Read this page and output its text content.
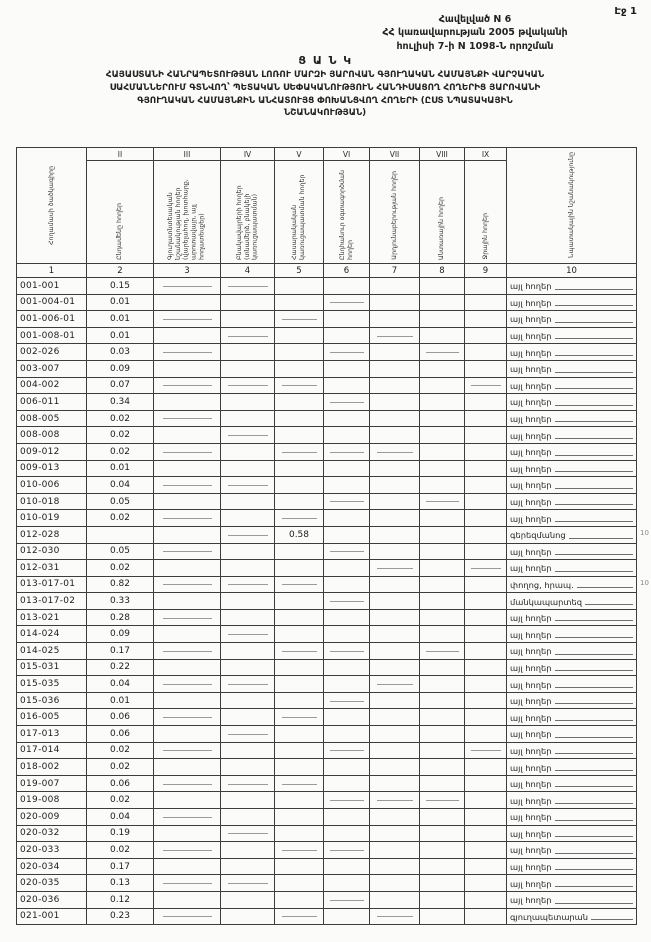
Էջ 1
Հավելված N 6
ՀՀ կառավարության 2005 թվականի
հուլիսի 7-ի N 1098-Ն որոշման
Ց Ա Ն Կ
ՀԱՅԱՍՏԱՆԻ ՀԱՆՐԱՊԵՏՈՒԹՅԱՆ ԼՈՌՈՒ ՄԱՐԶԻ ՅԱՐՈՎԱՆ ԳՅՈՒՂԱԿԱՆ ՀԱՄԱՅՆՔԻ ՎԱՐՉԱԿԱՆ
ՍԱՀՄԱՆՆԵՐՈՒՄ ԳՏՆՎՈՂ՝ ՊԵՏԱԿԱՆ ՍԵՓԱԿԱՆՈՒԹՅՈՒՆ ՀԱՆԴԻՍԱՑՈՂ ՀՈՂԵՐԻՑ ՅԱՐՈՎԱՆԻ
ԳՅՈՒՂԱԿԱՆ ՀԱՄԱՅՆՔԻՆ ԱՆՀԱՏՈՒՅՑ ՓՈԽԱՆՑՎՈՂ ՀՈՂԵՐԻ (ԸՍՏ ՆՊԱՏԱԿԱՅԻՆ
ՆՇԱՆԱԿՈՒԹՅԱՆ)
Հողամասի ծածկագիրը	II	III	IV	V	VI	VII	VIII	IX	Նպատակային նշանակությունը

	Ընդամենը հողեր	Գյուղատնտեսական նշանակության հողեր (վարելահող, խոտհարք, արոտավայր, այլ հողատեսքեր)	Բնակավայրերի հողեր (տնամերձ, բնակելի կառուցապատման)	Հասարակական կառուցապատման հողեր	Ընդհանուր օգտագործման հողեր	Արդյունաբերության հողեր	Անտառային հողեր	Ջրային հողեր	

1	2	3	4	5	6	7	8	9	10
001-001	0.15								այլ հողեր

001-004-01	0.01								այլ հողեր

001-006-01	0.01								այլ հողեր

001-008-01	0.01								այլ հողեր

002-026	0.03								այլ հողեր

003-007	0.09								այլ հողեր

004-002	0.07								այլ հողեր

006-011	0.34								այլ հողեր

008-005	0.02								այլ հողեր

008-008	0.02								այլ հողեր

009-012	0.02								այլ հողեր

009-013	0.01								այլ հողեր

010-006	0.04								այլ հողեր

010-018	0.05								այլ հողեր

010-019	0.02								այլ հողեր

012-028				0.58					գերեզմանոց

012-030	0.05								այլ հողեր

012-031	0.02								այլ հողեր

013-017-01	0.82								փողոց, հրապ.

013-017-02	0.33								մանկապարտեզ

013-021	0.28								այլ հողեր

014-024	0.09								այլ հողեր

014-025	0.17								այլ հողեր

015-031	0.22								այլ հողեր

015-035	0.04								այլ հողեր

015-036	0.01								այլ հողեր

016-005	0.06								այլ հողեր

017-013	0.06								այլ հողեր

017-014	0.02								այլ հողեր

018-002	0.02								այլ հողեր

019-007	0.06								այլ հողեր

019-008	0.02								այլ հողեր

020-009	0.04								այլ հողեր

020-032	0.19								այլ հողեր

020-033	0.02								այլ հողեր

020-034	0.17								այլ հողեր

020-035	0.13								այլ հողեր

020-036	0.12								այլ հողեր

021-001	0.23								գյուղապետարան
10
10
